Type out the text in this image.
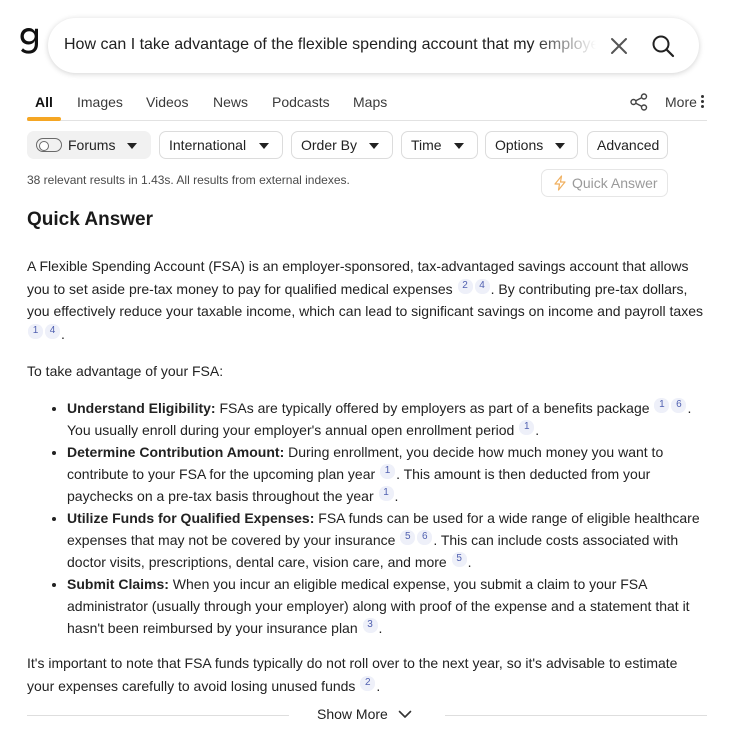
How can I take advantage of the flexible spending account that my employer offers?
All Images Videos News Podcasts Maps	More
Forums	International	Order By	Time	Options	Advanced
38 relevant results in 1.43s. All results from external indexes.	Quick Answer
Quick Answer

A Flexible Spending Account (FSA) is an employer-sponsored, tax-advantaged savings account that allows you to set aside pre-tax money to pay for qualified medical expenses $^2$ $^4$ . By contributing pre-tax dollars, you effectively reduce your taxable income, which can lead to significant savings on income and payroll taxes $^1$ $^4$ .

To take advantage of your FSA:

• Understand Eligibility: FSAs are typically offered by employers as part of a benefits package $^1$ $^6$ . You usually enroll during your employer's annual open enrollment period $^1$ .
• Determine Contribution Amount: During enrollment, you decide how much money you want to contribute to your FSA for the upcoming plan year $^1$ . This amount is then deducted from your paychecks on a pre-tax basis throughout the year $^1$ .
• Utilize Funds for Qualified Expenses: FSA funds can be used for a wide range of eligible healthcare expenses that may not be covered by your insurance $^5$ $^6$ . This can include costs associated with doctor visits, prescriptions, dental care, vision care, and more $^5$ .
• Submit Claims: When you incur an eligible medical expense, you submit a claim to your FSA administrator (usually through your employer) along with proof of the expense and a statement that it hasn't been reimbursed by your insurance plan $^3$ .

It's important to note that FSA funds typically do not roll over to the next year, so it's advisable to estimate your expenses carefully to avoid losing unused funds $^2$ .

Show More
